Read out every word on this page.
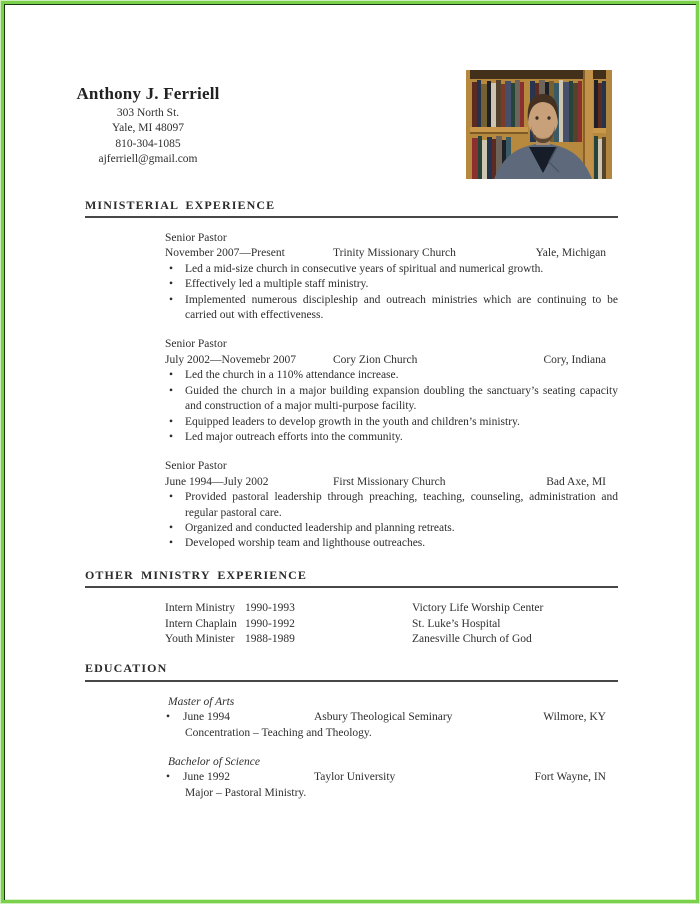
Anthony J. Ferriell
303 North St.
Yale, MI 48097
810-304-1085
ajferriell@gmail.com
MINISTERIAL EXPERIENCE
Senior Pastor
November 2007—Present	Trinity Missionary Church	Yale, Michigan
• Led a mid-size church in consecutive years of spiritual and numerical growth.
• Effectively led a multiple staff ministry.
• Implemented numerous discipleship and outreach ministries which are continuing to be carried out with effectiveness.
Senior Pastor
July 2002—Novemebr 2007	Cory Zion Church	Cory, Indiana
• Led the church in a 110% attendance increase.
• Guided the church in a major building expansion doubling the sanctuary’s seating capacity and construction of a major multi-purpose facility.
• Equipped leaders to develop growth in the youth and children’s ministry.
• Led major outreach efforts into the community.
Senior Pastor
June 1994—July 2002	First Missionary Church	Bad Axe, MI
• Provided pastoral leadership through preaching, teaching, counseling, administration and regular pastoral care.
• Organized and conducted leadership and planning retreats.
• Developed worship team and lighthouse outreaches.
OTHER MINISTRY EXPERIENCE
Intern Ministry 1990-1993	Victory Life Worship Center
Intern Chaplain 1990-1992	St. Luke’s Hospital
Youth Minister 1988-1989	Zanesville Church of God
EDUCATION
Master of Arts
•	June 1994	Asbury Theological Seminary	Wilmore, KY
Concentration – Teaching and Theology.
Bachelor of Science
•	June 1992	Taylor University	Fort Wayne, IN
Major – Pastoral Ministry.
